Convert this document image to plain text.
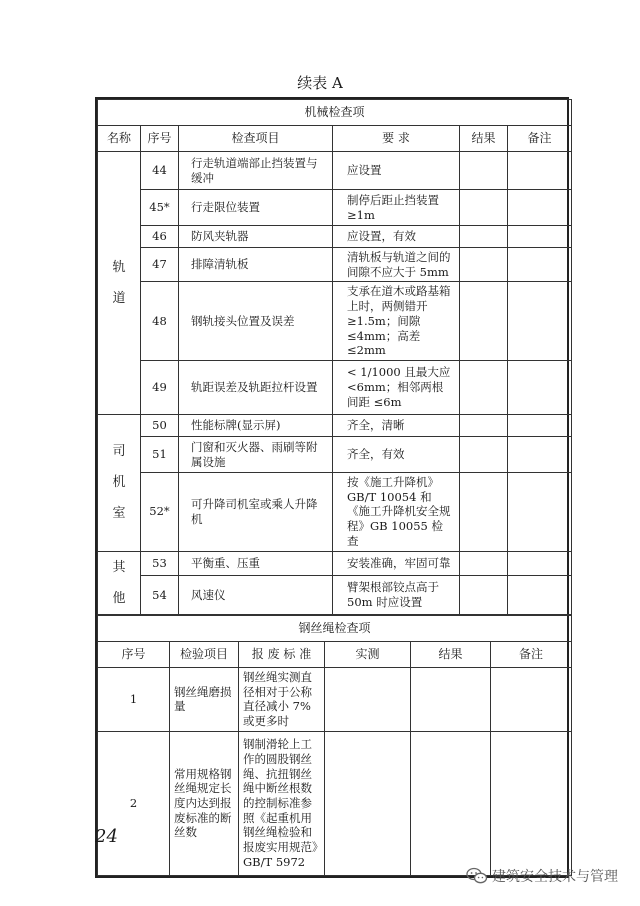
续表 A
机械检查项					
名称	序号	检查项目	要 求	结果	备注

轨
道	44	行走轨道端部止挡装置与缓冲	应设置		
	45*	行走限位装置	制停后距止挡装置≥1m		
	46	防风夹轨器	应设置，有效		
	47	排障清轨板	清轨板与轨道之间的间隙不应大于 5mm		
	48	钢轨接头位置及误差	支承在道木或路基箱上时，两侧错开≥1.5m；间隙≤4mm；高差≤2mm		
	49	轨距误差及轨距拉杆设置	< 1/1000 且最大应 <6mm；相邻两根间距 ≤6m		

司
机
室	50	性能标牌(显示屏)	齐全，清晰		
	51	门窗和灭火器、雨刷等附属设施	齐全，有效		
	52*	可升降司机室或乘人升降机	按《施工升降机》GB/T 10054 和《施工升降机安全规程》GB 10055 检查		

其
他	53	平衡重、压重	安装准确，牢固可靠		
	54	风速仪	臂架根部铰点高于 50m 时应设置		
钢丝绳检查项					
序号	检验项目	报 废 标 准	实测	结果	备注
1	钢丝绳磨损量	钢丝绳实测直径相对于公称直径减小 7%或更多时			
2	常用规格钢丝绳规定长度内达到报废标准的断丝数	钢制滑轮上工作的圆股钢丝绳、抗扭钢丝绳中断丝根数的控制标准参照《起重机用钢丝绳检验和报废实用规范》GB/T 5972			
24
建筑安全技术与管理
